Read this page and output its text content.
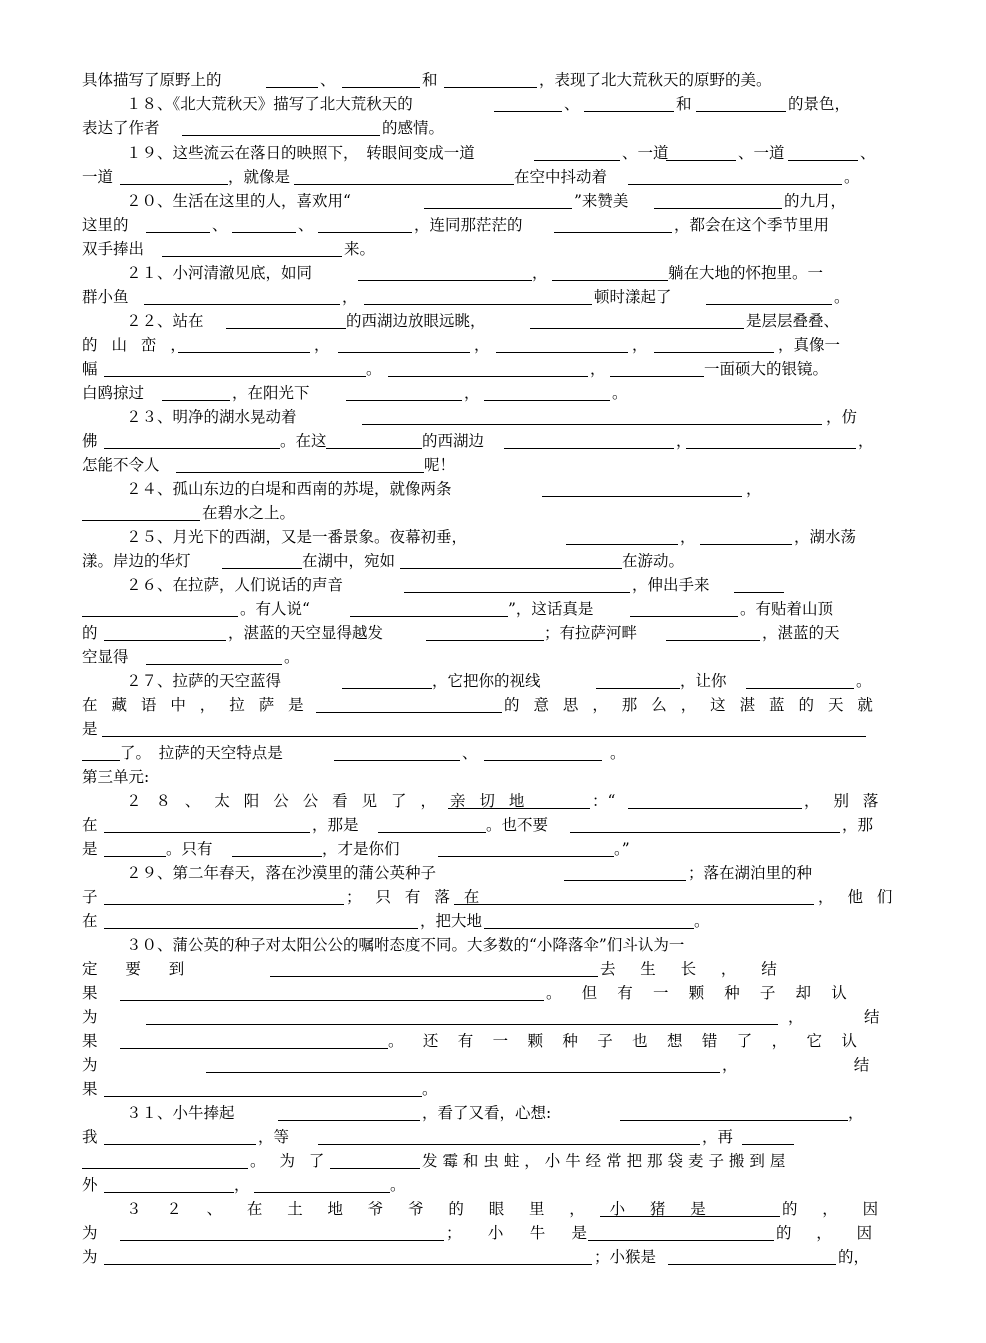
具体描写了原野上的	、	和	，表现了北大荒秋天的原野的美。
１８、《北大荒秋天》描写了北大荒秋天的	、	和	的景色，
表达了作者	的感情。
１９、这些流云在落日的映照下，　转眼间变成一道	、一道	、一道	、
一道	，就像是	在空中抖动着	。
２０、生活在这里的人，喜欢用“	”来赞美	的九月，
这里的	、	、	，连同那茫茫的	，都会在这个季节里用
双手捧出	来。
２１、小河清澈见底，如同	，	躺在大地的怀抱里。一
群小鱼	，	顿时漾起了	。
２２、站在	的西湖边放眼远眺，	是层层叠叠、
的山峦，	，	，	，	，真像一
幅	。	，	一面硕大的银镜。
白鸥掠过	，在阳光下	，	。
２３、明净的湖水晃动着	，仿
佛	。在这	的西湖边	，	，
怎能不令人	呢！
２４、孤山东边的白堤和西南的苏堤，就像两条	，
在碧水之上。
２５、月光下的西湖，又是一番景象。夜幕初垂，	，	，湖水荡
漾。岸边的华灯	在湖中，宛如	在游动。
２６、在拉萨，人们说话的声音	，伸出手来
。有人说“	”，这话真是	。有贴着山顶
的	，湛蓝的天空显得越发	；有拉萨河畔	，湛蓝的天
空显得	。
２７、拉萨的天空蓝得	，它把你的视线	，让你	。
在藏语中，拉萨是	的意思，那么，这湛蓝的天就
是
了。　拉萨的天空特点是	、	。
第三单元:
２８、太阳公公看见了，亲切地	：“	，别落
在	，那是	。也不要	，那
是	。只有	，才是你们	。”
２９、第二年春天，落在沙漠里的蒲公英种子	；落在湖泊里的种
子	；只有落在	，他们
在	，把大地	。
３０、蒲公英的种子对太阳公公的嘱咐态度不同。大多数的“小降落伞”们斗认为一
定要到	去生长，结
果	。但有一颗种子却认
为	，结
果	。还有一颗种子也想错了，它认
为	，结
果	。
３１、小牛捧起	，看了又看，心想:	，
我	，等	，再
。为了	发霉和虫蛀，小牛经常把那袋麦子搬到屋
外	，	。
３２、在土地爷爷的眼里，小猪是	的，因
为	；小牛是	的，因
为	；小猴是	的，
